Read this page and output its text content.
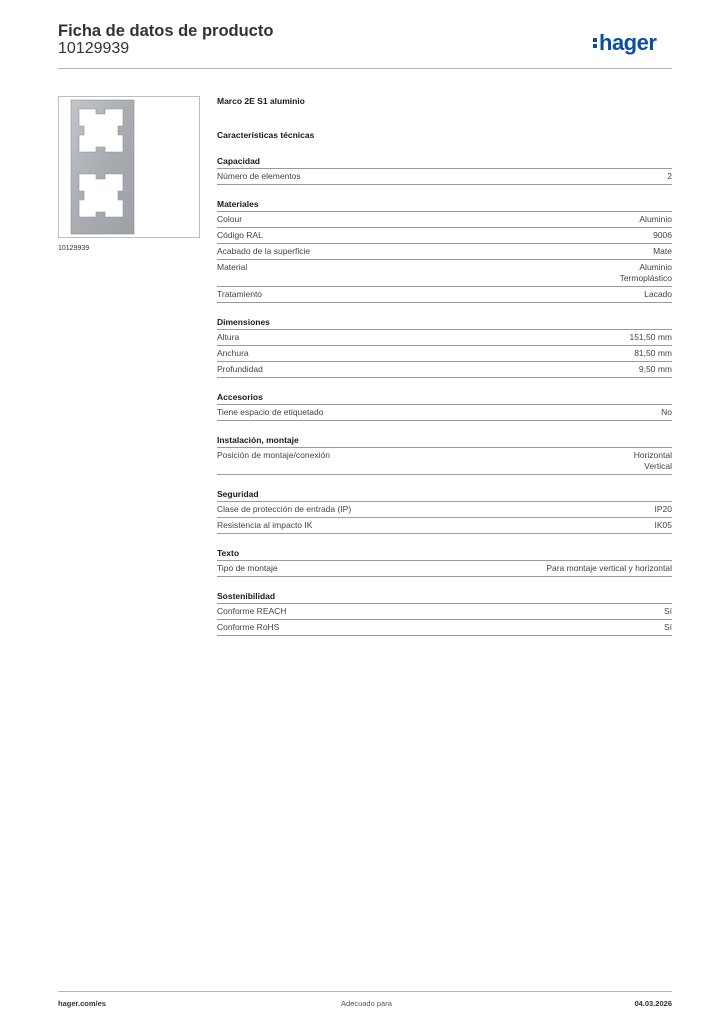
Ficha de datos de producto
10129939	hager
10129939
Marco 2E S1 aluminio
Características técnicas
Capacidad
Número de elementos	2
Materiales
Colour	Aluminio
Código RAL	9006
Acabado de la superficie	Mate
Material	Aluminio
Termoplástico
Tratamiento	Lacado
Dimensiones
Altura	151,50 mm
Anchura	81,50 mm
Profundidad	9,50 mm
Accesorios
Tiene espacio de etiquetado	No
Instalación, montaje
Posición de montaje/conexión	Horizontal
Vertical
Seguridad
Clase de protección de entrada (IP)	IP20
Resistencia al impacto IK	IK05
Texto
Tipo de montaje	Para montaje vertical y horizontal
Sostenibilidad
Conforme REACH	Sí
Conforme RoHS	Sí
hager.com/es	Adecuado para	04.03.2026
